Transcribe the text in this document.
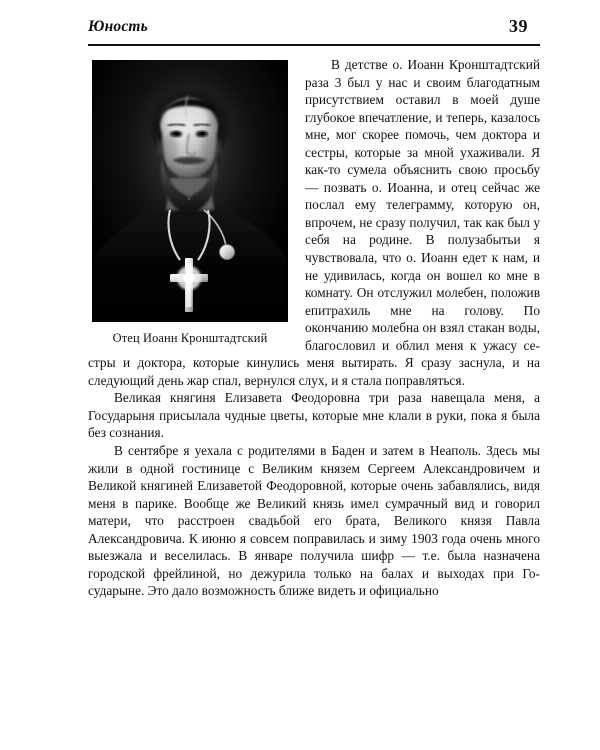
Юность	39
Отец Иоанн Кронштадтский

В детстве о. Иоанн Кронштадтский раза 3 был у нас и своим благодатным присутствием оставил в моей душе глубокое впечатление, и теперь, казалось мне, мог скорее помочь, чем доктора и сестры, которые за мной ухаживали. Я как-то сумела объяснить свою просьбу — позвать о. Иоанна, и отец сейчас же послал ему телеграмму, которую он, впрочем, не сразу получил, так как был у себя на родине. В полузабытьи я чувствовала, что о. Иоанн едет к нам, и не удивилась, когда он вошел ко мне в комнату. Он отслужил молебен, положив епитрахиль мне на голову. По окончанию молебна он взял стакан воды, благословил и облил меня к ужасу сестры и доктора, которые кинулись меня вытирать. Я сразу заснула, и на следующий день жар спал, вернулся слух, и я стала поправляться.

Великая княгиня Елизавета Феодоровна три раза навещала меня, а Государыня присылала чудные цветы, которые мне клали в руки, пока я была без сознания.

В сентябре я уехала с родителями в Баден и затем в Неаполь. Здесь мы жили в одной гостинице с Великим князем Сергеем Александровичем и Великой княгиней Елизаветой Феодоровной, которые очень забавлялись, видя меня в парике. Вообще же Великий князь имел сумрачный вид и говорил матери, что расстроен свадьбой его брата, Великого князя Павла Александровича. К июню я совсем поправилась и зиму 1903 года очень много выезжала и веселилась. В январе получила шифр — т.е. была назначена городской фрейлиной, но дежурила только на балах и выходах при Государыне. Это дало возможность ближе видеть и официально
